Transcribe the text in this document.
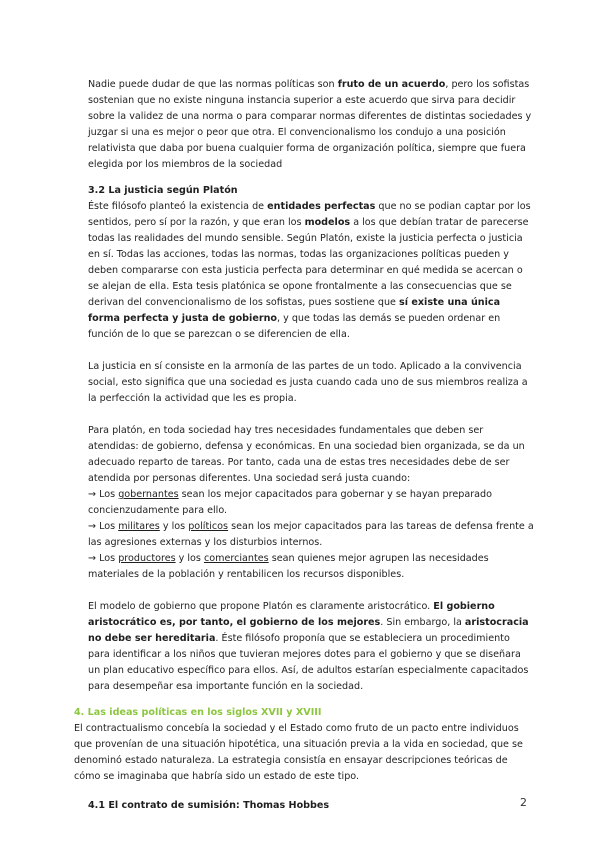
Nadie puede dudar de que las normas políticas son fruto de un acuerdo, pero los sofistas sostenian que no existe ninguna instancia superior a este acuerdo que sirva para decidir sobre la validez de una norma o para comparar normas diferentes de distintas sociedades y juzgar si una es mejor o peor que otra. El convencionalismo los condujo a una posición relativista que daba por buena cualquier forma de organización política, siempre que fuera elegida por los miembros de la sociedad

3.2 La justicia según Platón

Éste filósofo planteó la existencia de entidades perfectas que no se podian captar por los sentidos, pero sí por la razón, y que eran los modelos a los que debían tratar de parecerse todas las realidades del mundo sensible. Según Platón, existe la justicia perfecta o justicia en sí. Todas las acciones, todas las normas, todas las organizaciones políticas pueden y deben compararse con esta justicia perfecta para determinar en qué medida se acercan o se alejan de ella. Esta tesis platónica se opone frontalmente a las consecuencias que se derivan del convencionalismo de los sofistas, pues sostiene que sí existe una única forma perfecta y justa de gobierno, y que todas las demás se pueden ordenar en función de lo que se parezcan o se diferencien de ella.

La justicia en sí consiste en la armonía de las partes de un todo. Aplicado a la convivencia social, esto significa que una sociedad es justa cuando cada uno de sus miembros realiza a la perfección la actividad que les es propia.

Para platón, en toda sociedad hay tres necesidades fundamentales que deben ser atendidas: de gobierno, defensa y económicas. En una sociedad bien organizada, se da un adecuado reparto de tareas. Por tanto, cada una de estas tres necesidades debe de ser atendida por personas diferentes. Una sociedad será justa cuando:

→ Los gobernantes sean los mejor capacitados para gobernar y se hayan preparado concienzudamente para ello.

→ Los militares y los políticos sean los mejor capacitados para las tareas de defensa frente a las agresiones externas y los disturbios internos.

→ Los productores y los comerciantes sean quienes mejor agrupen las necesidades materiales de la población y rentabilicen los recursos disponibles.

El modelo de gobierno que propone Platón es claramente aristocrático. El gobierno aristocrático es, por tanto, el gobierno de los mejores. Sin embargo, la aristocracia no debe ser hereditaria. Éste filósofo proponía que se estableciera un procedimiento para identificar a los niños que tuvieran mejores dotes para el gobierno y que se diseñara un plan educativo específico para ellos. Así, de adultos estarían especialmente capacitados para desempeñar esa importante función en la sociedad.

4. Las ideas políticas en los siglos XVII y XVIII

El contractualismo concebía la sociedad y el Estado como fruto de un pacto entre individuos que provenían de una situación hipotética, una situación previa a la vida en sociedad, que se denominó estado naturaleza. La estrategia consistía en ensayar descripciones teóricas de cómo se imaginaba que habría sido un estado de este tipo.

4.1 El contrato de sumisión: Thomas Hobbes	2
